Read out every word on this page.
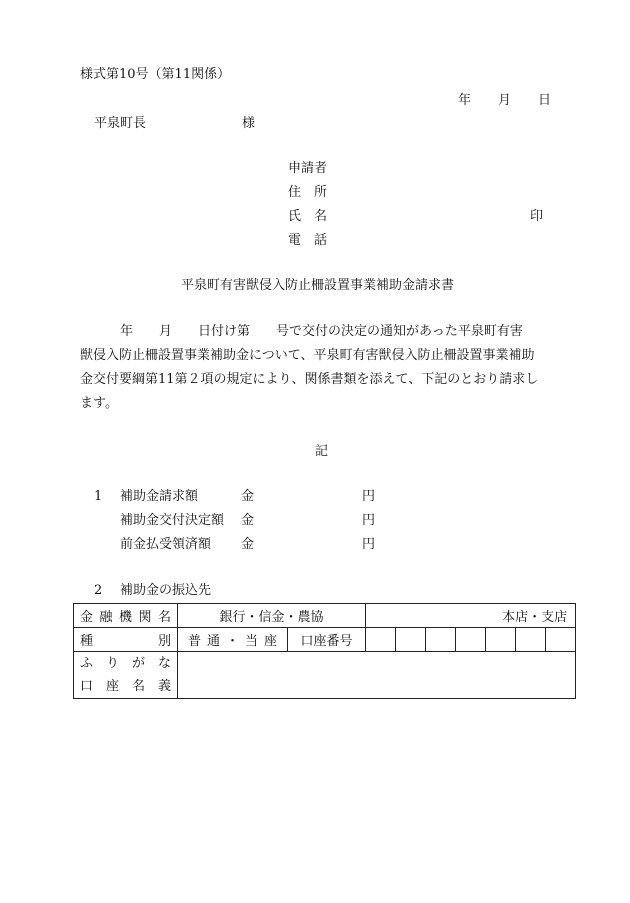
様式第10号（第11関係）
年 月 日
平泉町長	様
申請者
住　所
氏　名	印
電　話
平泉町有害獣侵入防止柵設置事業補助金請求書
年　　月　　日付け第　　号で交付の決定の通知があった平泉町有害
獣侵入防止柵設置事業補助金について、平泉町有害獣侵入防止柵設置事業補助
金交付要綱第11第２項の規定により、関係書類を添えて、下記のとおり請求し
ます。
記
1 補助金請求額	金	円
補助金交付決定額 金	円
前金払受領済額 金	円
2 補助金の振込先
金融機関名	銀行・信金・農協		本店・支店						
種別	普通・当座	口座番号							

ふりがな
口座名義									
